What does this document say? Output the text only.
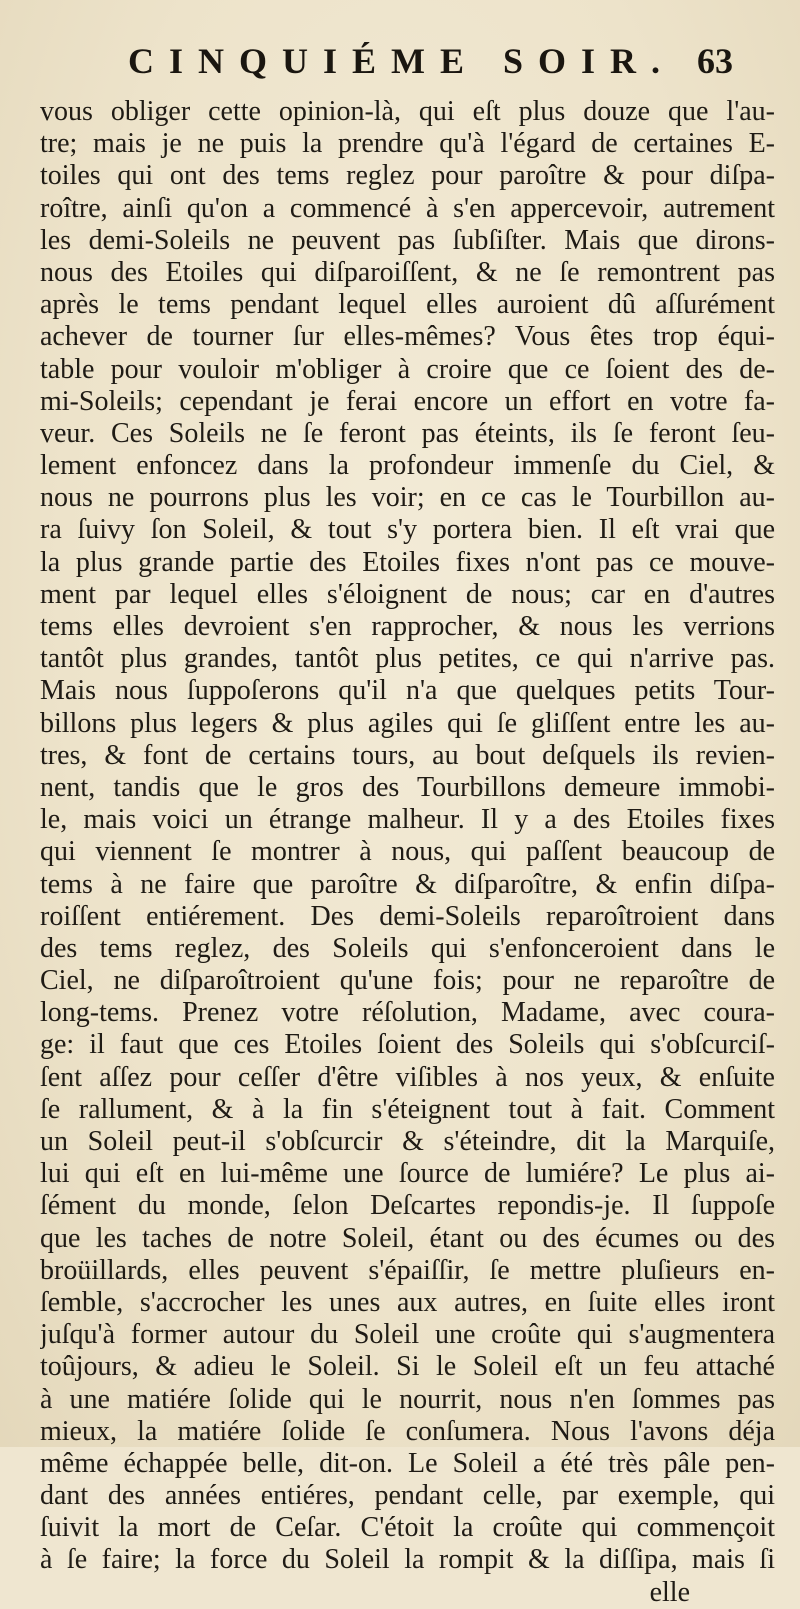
CINQUIÉME SOIR. 63
vous obliger cette opinion-là, qui eſt plus douze que l'au-
tre; mais je ne puis la prendre qu'à l'égard de certaines E-
toiles qui ont des tems reglez pour paroître & pour diſpa-
roître, ainſi qu'on a commencé à s'en appercevoir, autrement
les demi-Soleils ne peuvent pas ſubſiſter. Mais que dirons-
nous des Etoiles qui diſparoiſſent, & ne ſe remontrent pas
après le tems pendant lequel elles auroient dû aſſurément
achever de tourner ſur elles-mêmes? Vous êtes trop équi-
table pour vouloir m'obliger à croire que ce ſoient des de-
mi-Soleils; cependant je ferai encore un effort en votre fa-
veur. Ces Soleils ne ſe feront pas éteints, ils ſe feront ſeu-
lement enfoncez dans la profondeur immenſe du Ciel, &
nous ne pourrons plus les voir; en ce cas le Tourbillon au-
ra ſuivy ſon Soleil, & tout s'y portera bien. Il eſt vrai que
la plus grande partie des Etoiles fixes n'ont pas ce mouve-
ment par lequel elles s'éloignent de nous; car en d'autres
tems elles devroient s'en rapprocher, & nous les verrions
tantôt plus grandes, tantôt plus petites, ce qui n'arrive pas.
Mais nous ſuppoſerons qu'il n'a que quelques petits Tour-
billons plus legers & plus agiles qui ſe gliſſent entre les au-
tres, & font de certains tours, au bout deſquels ils revien-
nent, tandis que le gros des Tourbillons demeure immobi-
le, mais voici un étrange malheur. Il y a des Etoiles fixes
qui viennent ſe montrer à nous, qui paſſent beaucoup de
tems à ne faire que paroître & diſparoître, & enfin diſpa-
roiſſent entiérement. Des demi-Soleils reparoîtroient dans
des tems reglez, des Soleils qui s'enfonceroient dans le
Ciel, ne diſparoîtroient qu'une fois; pour ne reparoître de
long-tems. Prenez votre réſolution, Madame, avec coura-
ge: il faut que ces Etoiles ſoient des Soleils qui s'obſcurciſ-
ſent aſſez pour ceſſer d'être viſibles à nos yeux, & enſuite
ſe rallument, & à la fin s'éteignent tout à fait. Comment
un Soleil peut-il s'obſcurcir & s'éteindre, dit la Marquiſe,
lui qui eſt en lui-même une ſource de lumiére? Le plus ai-
ſément du monde, ſelon Deſcartes repondis-je. Il ſuppoſe
que les taches de notre Soleil, étant ou des écumes ou des
broüillards, elles peuvent s'épaiſſir, ſe mettre pluſieurs en-
ſemble, s'accrocher les unes aux autres, en ſuite elles iront
juſqu'à former autour du Soleil une croûte qui s'augmentera
toûjours, & adieu le Soleil. Si le Soleil eſt un feu attaché
à une matiére ſolide qui le nourrit, nous n'en ſommes pas
mieux, la matiére ſolide ſe conſumera. Nous l'avons déja
même échappée belle, dit-on. Le Soleil a été très pâle pen-
dant des années entiéres, pendant celle, par exemple, qui
ſuivit la mort de Ceſar. C'étoit la croûte qui commençoit
à ſe faire; la force du Soleil la rompit & la diſſipa, mais ſi
elle
